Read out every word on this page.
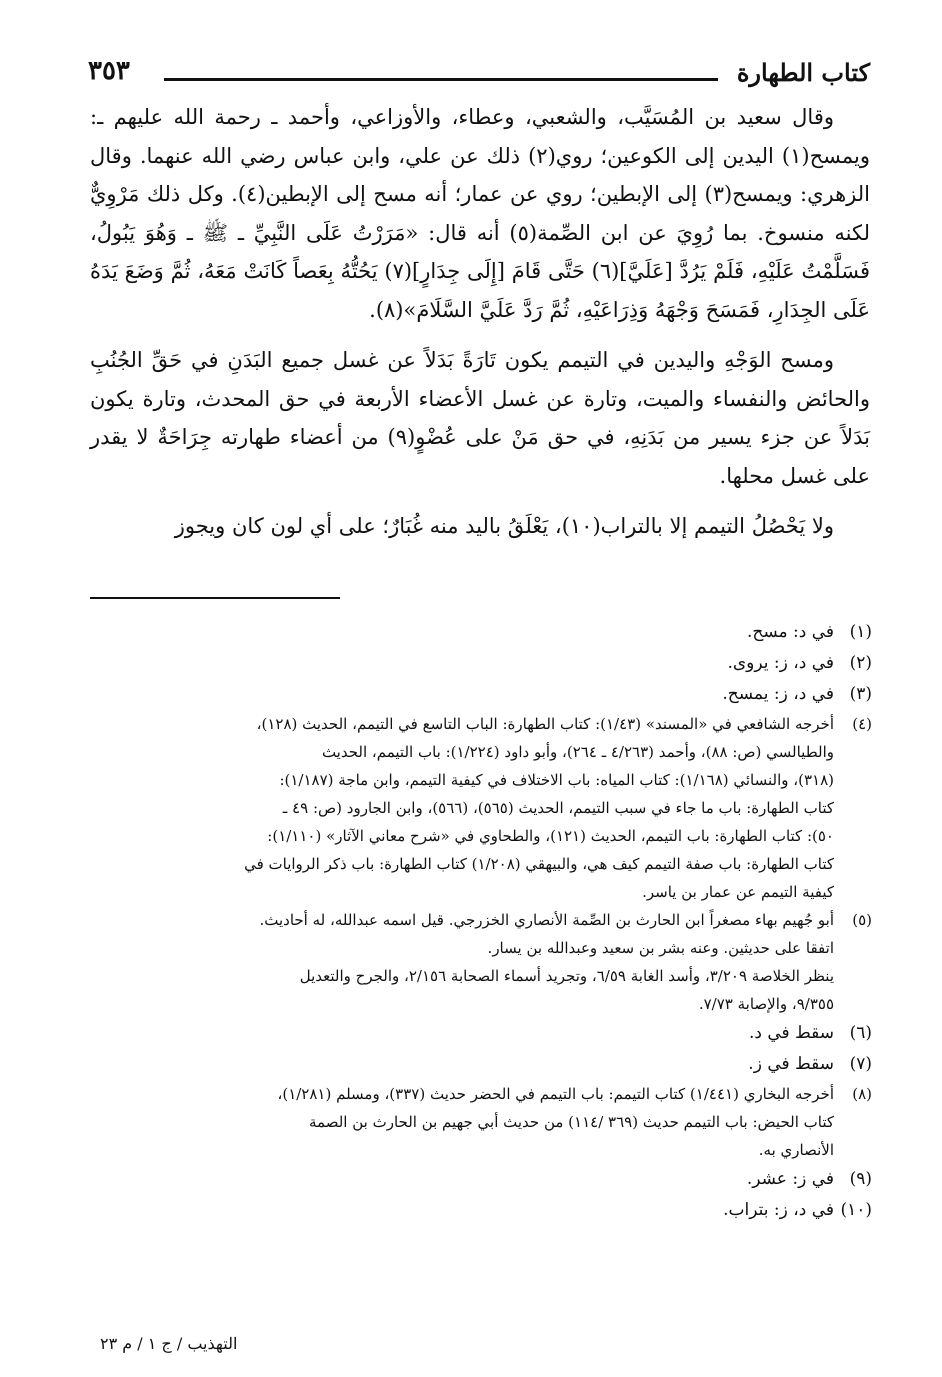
كتاب الطهارة
٣٥٣

وقال سعيد بن المُسَيَّب، والشعبي، وعطاء، والأوزاعي، وأحمد ـ رحمة الله عليهم ـ: ويمسح(١) اليدين إلى الكوعين؛ روي(٢) ذلك عن علي، وابن عباس رضي الله عنهما. وقال الزهري: ويمسح(٣) إلى الإبطين؛ روي عن عمار؛ أنه مسح إلى الإبطين(٤). وكل ذلك مَرْوِيٌّ لكنه منسوخ. بما رُوِيَ عن ابن الصِّمة(٥) أنه قال: «مَرَرْتُ عَلَى النَّبِيِّ ـ ﷺ ـ وَهُوَ يَبُولُ، فَسَلَّمْتُ عَلَيْهِ، فَلَمْ يَرُدَّ [عَلَيَّ](٦) حَتَّى قَامَ [إِلَى جِدَارٍ](٧) يَحُتُّهُ بِعَصاً كَانَتْ مَعَهُ، ثُمَّ وَضَعَ يَدَهُ عَلَى الجِدَارِ، فَمَسَحَ وَجْهَهُ وَذِرَاعَيْهِ، ثُمَّ رَدَّ عَلَيَّ السَّلَامَ»(٨).

ومسح الوَجْهِ واليدين في التيمم يكون تَارَةً بَدَلاً عن غسل جميع البَدَنِ في حَقِّ الجُنُبِ والحائض والنفساء والميت، وتارة عن غسل الأعضاء الأربعة في حق المحدث، وتارة يكون بَدَلاً عن جزء يسير من بَدَنِهِ، في حق مَنْ على عُضْوٍ(٩) من أعضاء طهارته جِرَاحَةٌ لا يقدر على غسل محلها.

ولا يَحْصُلُ التيمم إلا بالتراب(١٠)، يَعْلَقُ باليد منه غُبَارٌ؛ على أي لون كان ويجوز

(١)
في د: مسح.
(٢)
في د، ز: يروى.
(٣)
في د، ز: يمسح.
(٤)
أخرجه الشافعي في «المسند» (١/٤٣): كتاب الطهارة: الباب التاسع في التيمم، الحديث (١٢٨)،
والطيالسي (ص: ٨٨)، وأحمد (٤/٢٦٣ ـ ٢٦٤)، وأبو داود (١/٢٢٤): باب التيمم، الحديث
(٣١٨)، والنسائي (١/١٦٨): كتاب المياه: باب الاختلاف في كيفية التيمم، وابن ماجة (١/١٨٧):
كتاب الطهارة: باب ما جاء في سبب التيمم، الحديث (٥٦٥)، (٥٦٦)، وابن الجارود (ص: ٤٩ ـ
٥٠): كتاب الطهارة: باب التيمم، الحديث (١٢١)، والطحاوي في «شرح معاني الآثار» (١/١١٠):
كتاب الطهارة: باب صفة التيمم كيف هي، والبيهقي (١/٢٠٨) كتاب الطهارة: باب ذكر الروايات في
كيفية التيمم عن عمار بن ياسر.
(٥)
أبو جُهيم بهاء مصغراً ابن الحارث بن الصِّمة الأنصاري الخزرجي. قيل اسمه عبدالله، له أحاديث.
اتفقا على حديثين. وعنه بشر بن سعيد وعبدالله بن يسار.
ينظر الخلاصة ٣/٢٠٩، وأسد الغابة ٦/٥٩، وتجريد أسماء الصحابة ٢/١٥٦، والجرح والتعديل
٩/٣٥٥، والإصابة ٧/٧٣.
(٦)
سقط في د.
(٧)
سقط في ز.
(٨)
أخرجه البخاري (١/٤٤١) كتاب التيمم: باب التيمم في الحضر حديث (٣٣٧)، ومسلم (١/٢٨١)،
كتاب الحيض: باب التيمم حديث (٣٦٩ /١١٤) من حديث أبي جهيم بن الحارث بن الصمة
الأنصاري به.
(٩)
في ز: عشر.
(١٠)
في د، ز: بتراب.
التهذيب / ج ١ / م ٢٣
